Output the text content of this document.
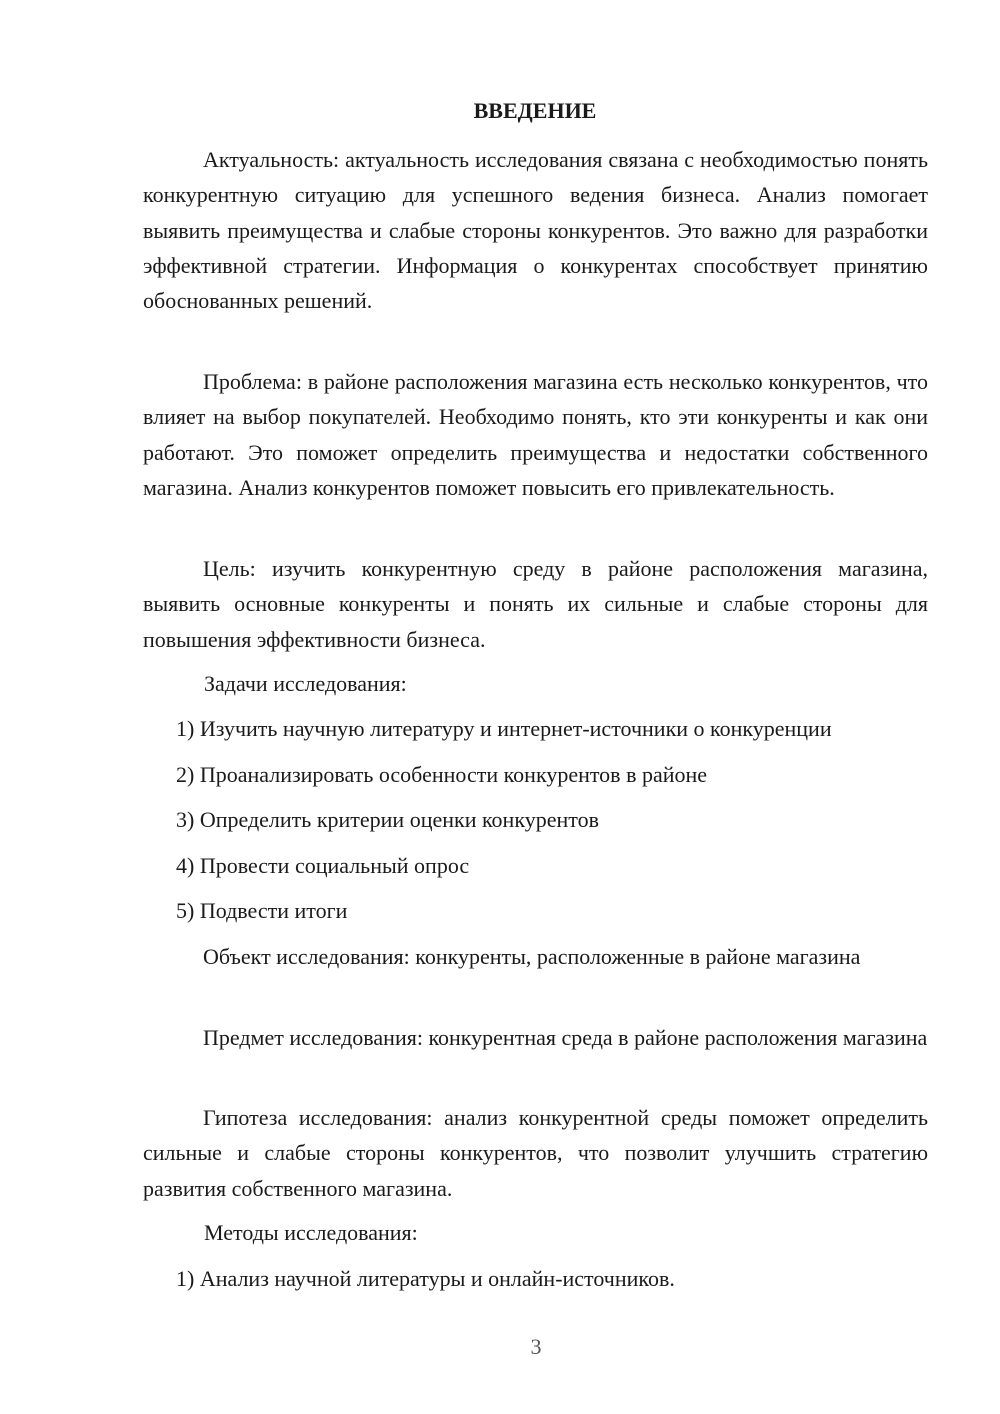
ВВЕДЕНИЕ

Актуальность: актуальность исследования связана с необходимостью понять конкурентную ситуацию для успешного ведения бизнеса. Анализ помогает выявить преимущества и слабые стороны конкурентов. Это важно для разработки эффективной стратегии. Информация о конкурентах способствует принятию обоснованных решений.

Проблема: в районе расположения магазина есть несколько конкурентов, что влияет на выбор покупателей. Необходимо понять, кто эти конкуренты и как они работают. Это поможет определить преимущества и недостатки собственного магазина. Анализ конкурентов поможет повысить его привлекательность.

Цель: изучить конкурентную среду в районе расположения магазина, выявить основные конкуренты и понять их сильные и слабые стороны для повышения эффективности бизнеса.

Задачи исследования:
1) Изучить научную литературу и интернет-источники о конкуренции
2) Проанализировать особенности конкурентов в районе
3) Определить критерии оценки конкурентов
4) Провести социальный опрос
5) Подвести итоги

Объект исследования: конкуренты, расположенные в районе магазина

Предмет исследования: конкурентная среда в районе расположения магазина

Гипотеза исследования: анализ конкурентной среды поможет определить сильные и слабые стороны конкурентов, что позволит улучшить стратегию развития собственного магазина.

Методы исследования:
1) Анализ научной литературы и онлайн-источников.
3
